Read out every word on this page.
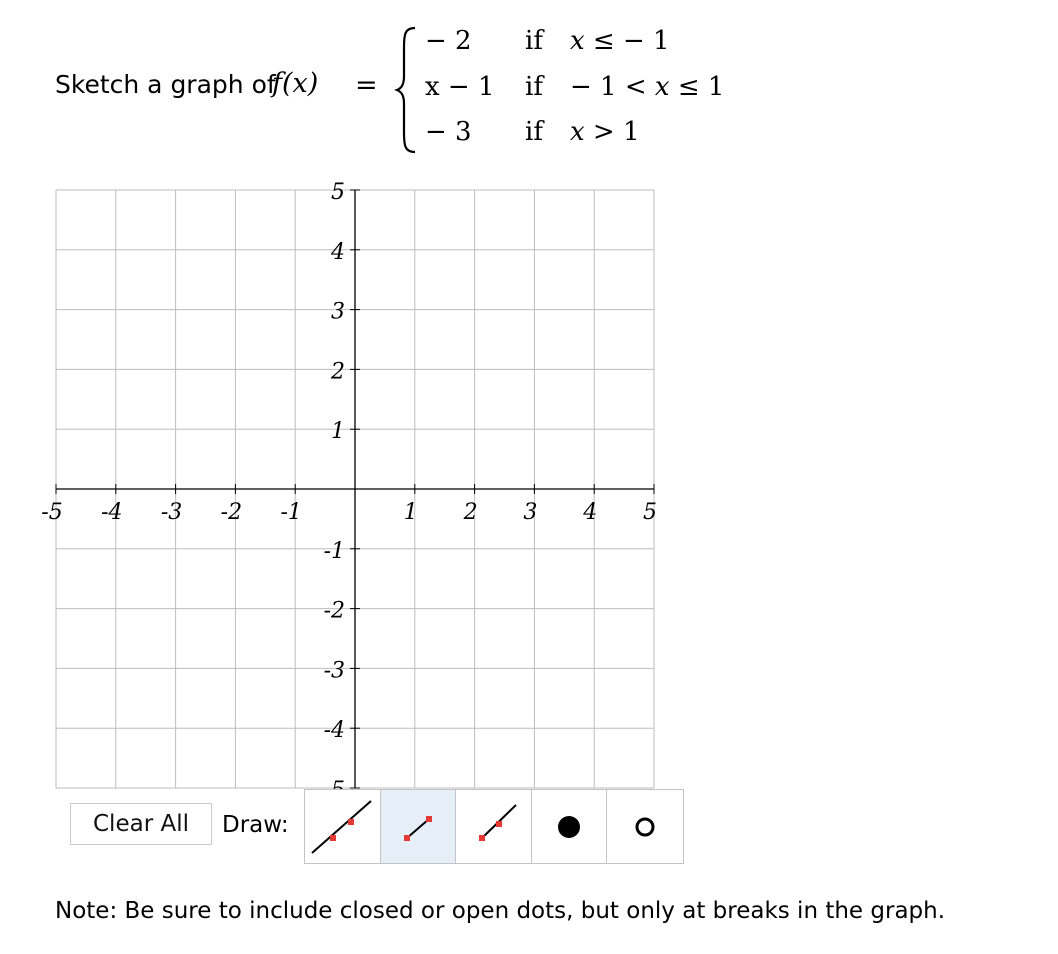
Sketch a graph of
f(x) =
− 2 if x ≤ − 1
x − 1 if − 1 < x ≤ 1
− 3 if x > 1
-5 -4 -3 -2 -1	1 2 3 4 5
5
4
3
2
1
-1
-2
-3
-4
Clear All	Draw:
Note: Be sure to include closed or open dots, but only at breaks in the graph.
